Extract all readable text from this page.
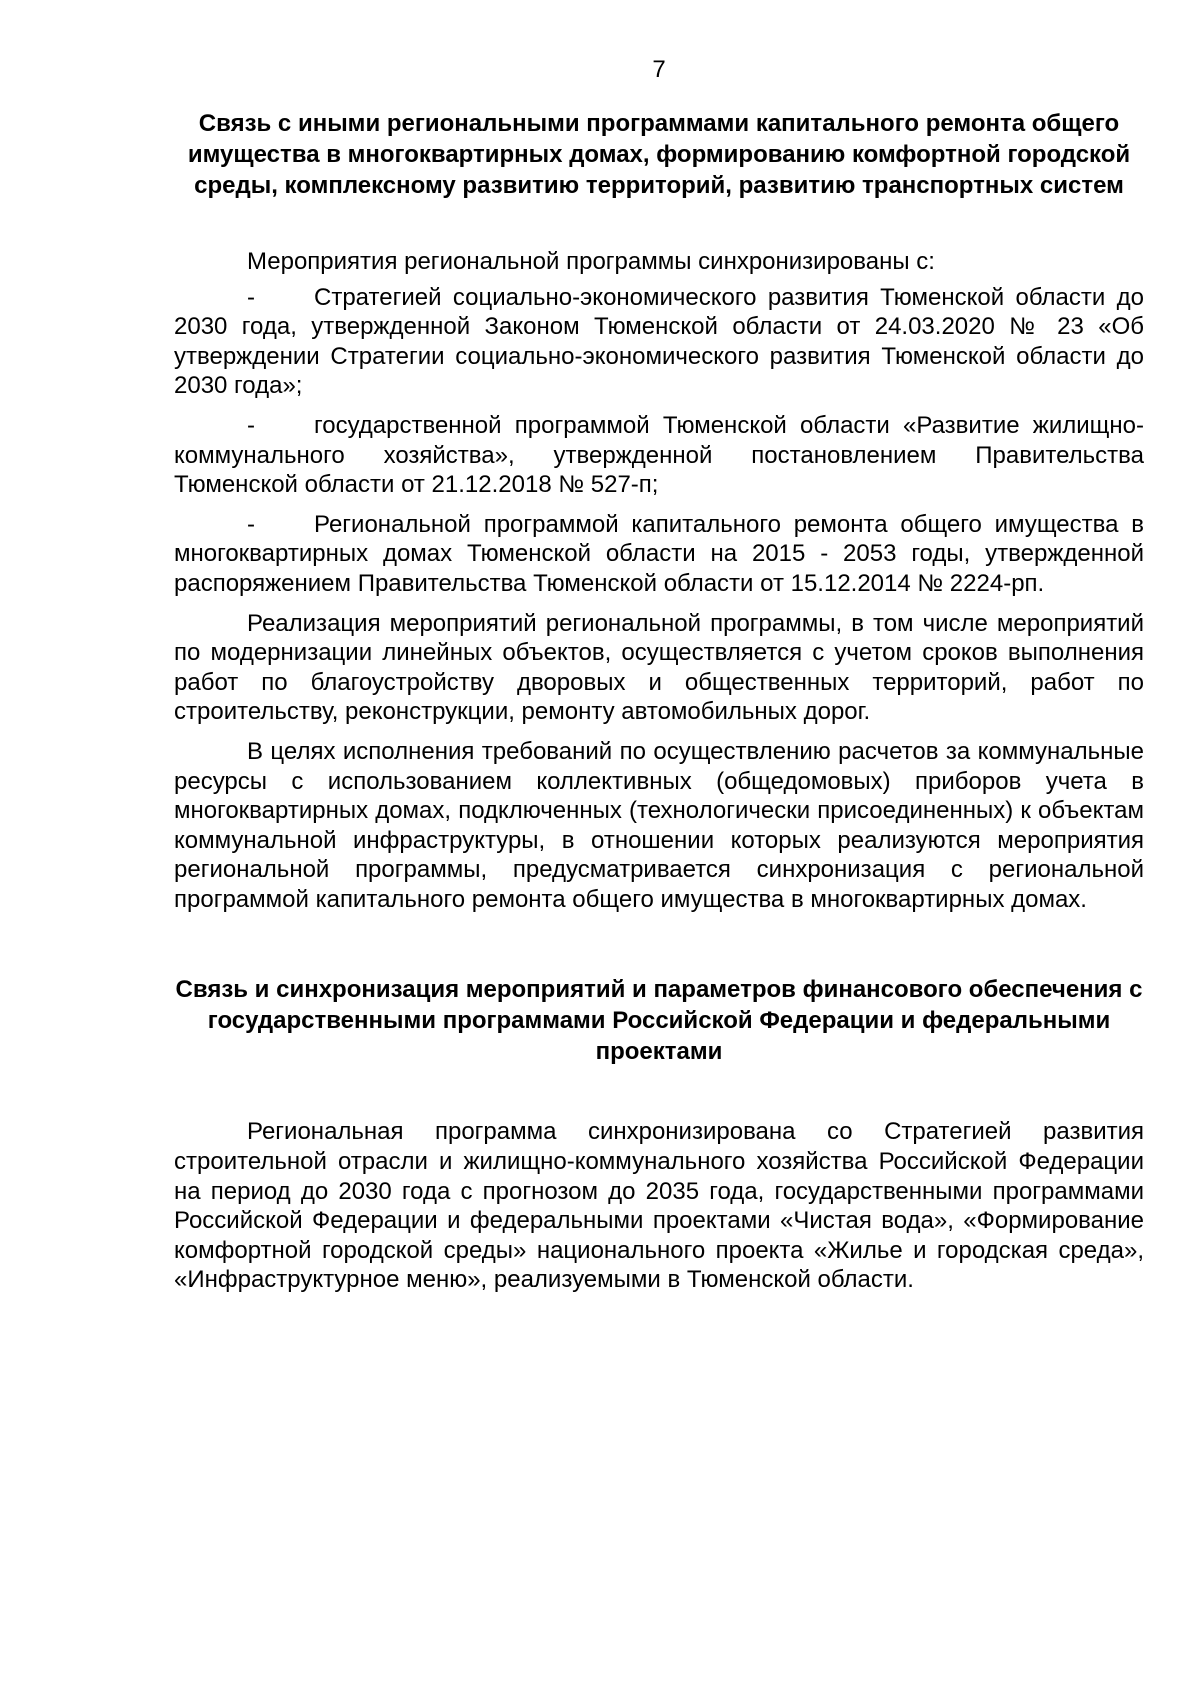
7
Связь с иными региональными программами капитального ремонта общего имущества в многоквартирных домах, формированию комфортной городской среды, комплексному развитию территорий, развитию транспортных систем

Мероприятия региональной программы синхронизированы с:

- Стратегией социально-экономического развития Тюменской области до 2030 года, утвержденной Законом Тюменской области от 24.03.2020 № 23 «Об утверждении Стратегии социально-экономического развития Тюменской области до 2030 года»;

- государственной программой Тюменской области «Развитие жилищно-коммунального хозяйства», утвержденной постановлением Правительства Тюменской области от 21.12.2018 № 527-п;

- Региональной программой капитального ремонта общего имущества в многоквартирных домах Тюменской области на 2015 - 2053 годы, утвержденной распоряжением Правительства Тюменской области от 15.12.2014 № 2224-рп.

Реализация мероприятий региональной программы, в том числе мероприятий по модернизации линейных объектов, осуществляется с учетом сроков выполнения работ по благоустройству дворовых и общественных территорий, работ по строительству, реконструкции, ремонту автомобильных дорог.

В целях исполнения требований по осуществлению расчетов за коммунальные ресурсы с использованием коллективных (общедомовых) приборов учета в многоквартирных домах, подключенных (технологически присоединенных) к объектам коммунальной инфраструктуры, в отношении которых реализуются мероприятия региональной программы, предусматривается синхронизация с региональной программой капитального ремонта общего имущества в многоквартирных домах.

Связь и синхронизация мероприятий и параметров финансового обеспечения с государственными программами Российской Федерации и федеральными проектами

Региональная программа синхронизирована со Стратегией развития строительной отрасли и жилищно-коммунального хозяйства Российской Федерации на период до 2030 года с прогнозом до 2035 года, государственными программами Российской Федерации и федеральными проектами «Чистая вода», «Формирование комфортной городской среды» национального проекта «Жилье и городская среда», «Инфраструктурное меню», реализуемыми в Тюменской области.
